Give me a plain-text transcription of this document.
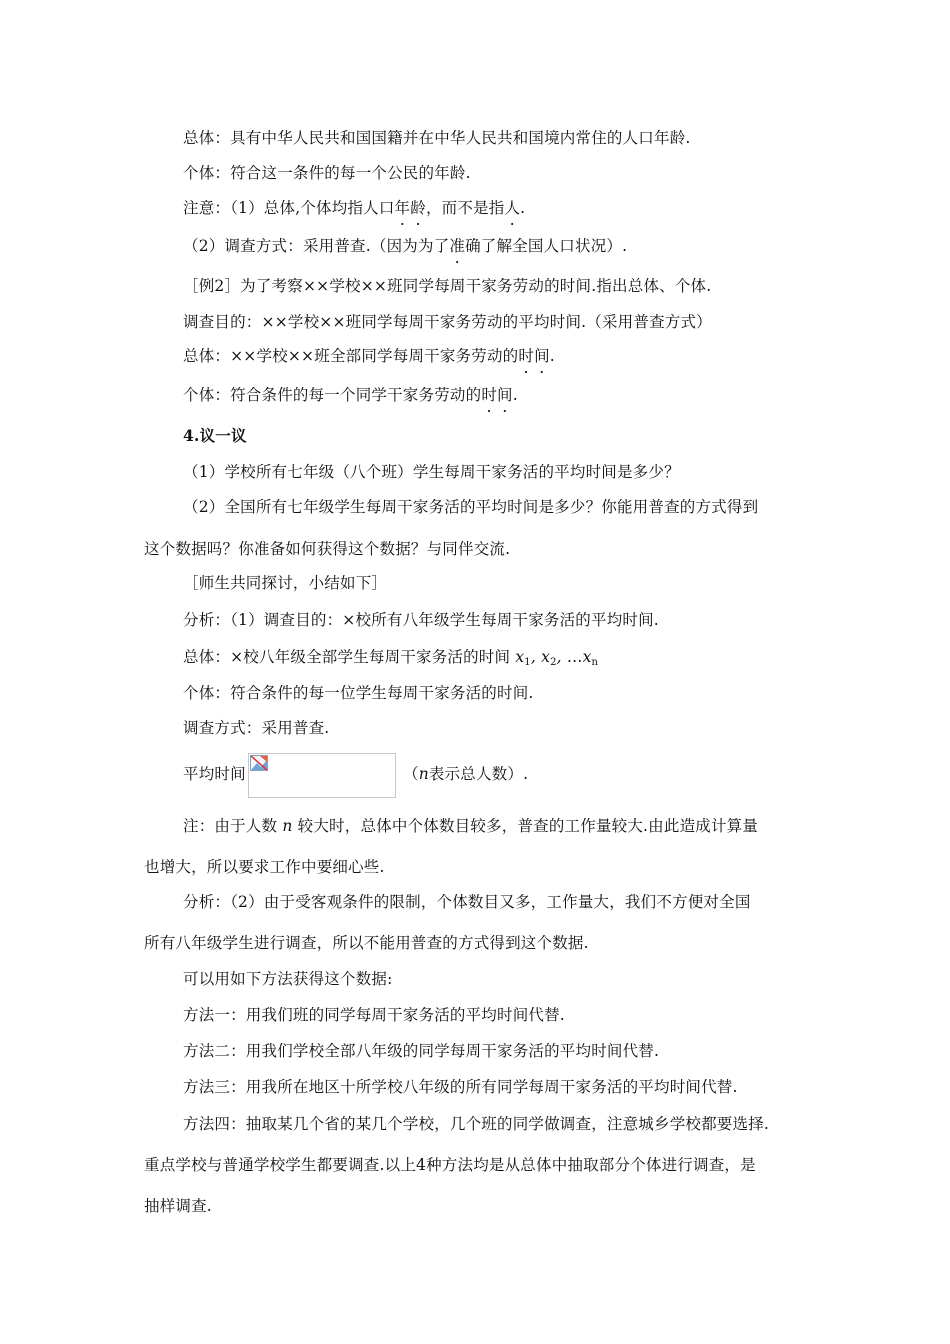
总体：具有中华人民共和国国籍并在中华人民共和国境内常住的人口年龄.
个体：符合这一条件的每一个公民的年龄.
注意：（1）总体,个体均指人口年龄，而不是指人.
（2）调查方式：采用普查.（因为为了准确了解全国人口状况）.
［例2］为了考察××学校××班同学每周干家务劳动的时间.指出总体、个体.
调查目的：××学校××班同学每周干家务劳动的平均时间.（采用普查方式）
总体：××学校××班全部同学每周干家务劳动的时间.
个体：符合条件的每一个同学干家务劳动的时间.
4.议一议
（1）学校所有七年级（八个班）学生每周干家务活的平均时间是多少？
（2）全国所有七年级学生每周干家务活的平均时间是多少？你能用普查的方式得到
这个数据吗？你准备如何获得这个数据？与同伴交流.
［师生共同探讨，小结如下］
分析：（1）调查目的：×校所有八年级学生每周干家务活的平均时间.
总体：×校八年级全部学生每周干家务活的时间 $x_1$, $x_2$, $\dots x_n$
个体：符合条件的每一位学生每周干家务活的时间.
调查方式：采用普查.
平均时间	（n表示总人数）.
注：由于人数 n 较大时，总体中个体数目较多，普查的工作量较大.由此造成计算量
也增大，所以要求工作中要细心些.
分析：（2）由于受客观条件的限制，个体数目又多，工作量大，我们不方便对全国
所有八年级学生进行调查，所以不能用普查的方式得到这个数据.
可以用如下方法获得这个数据:
方法一：用我们班的同学每周干家务活的平均时间代替.
方法二：用我们学校全部八年级的同学每周干家务活的平均时间代替.
方法三：用我所在地区十所学校八年级的所有同学每周干家务活的平均时间代替.
方法四：抽取某几个省的某几个学校，几个班的同学做调查，注意城乡学校都要选择.
重点学校与普通学校学生都要调查.以上4种方法均是从总体中抽取部分个体进行调查，是
抽样调查.
